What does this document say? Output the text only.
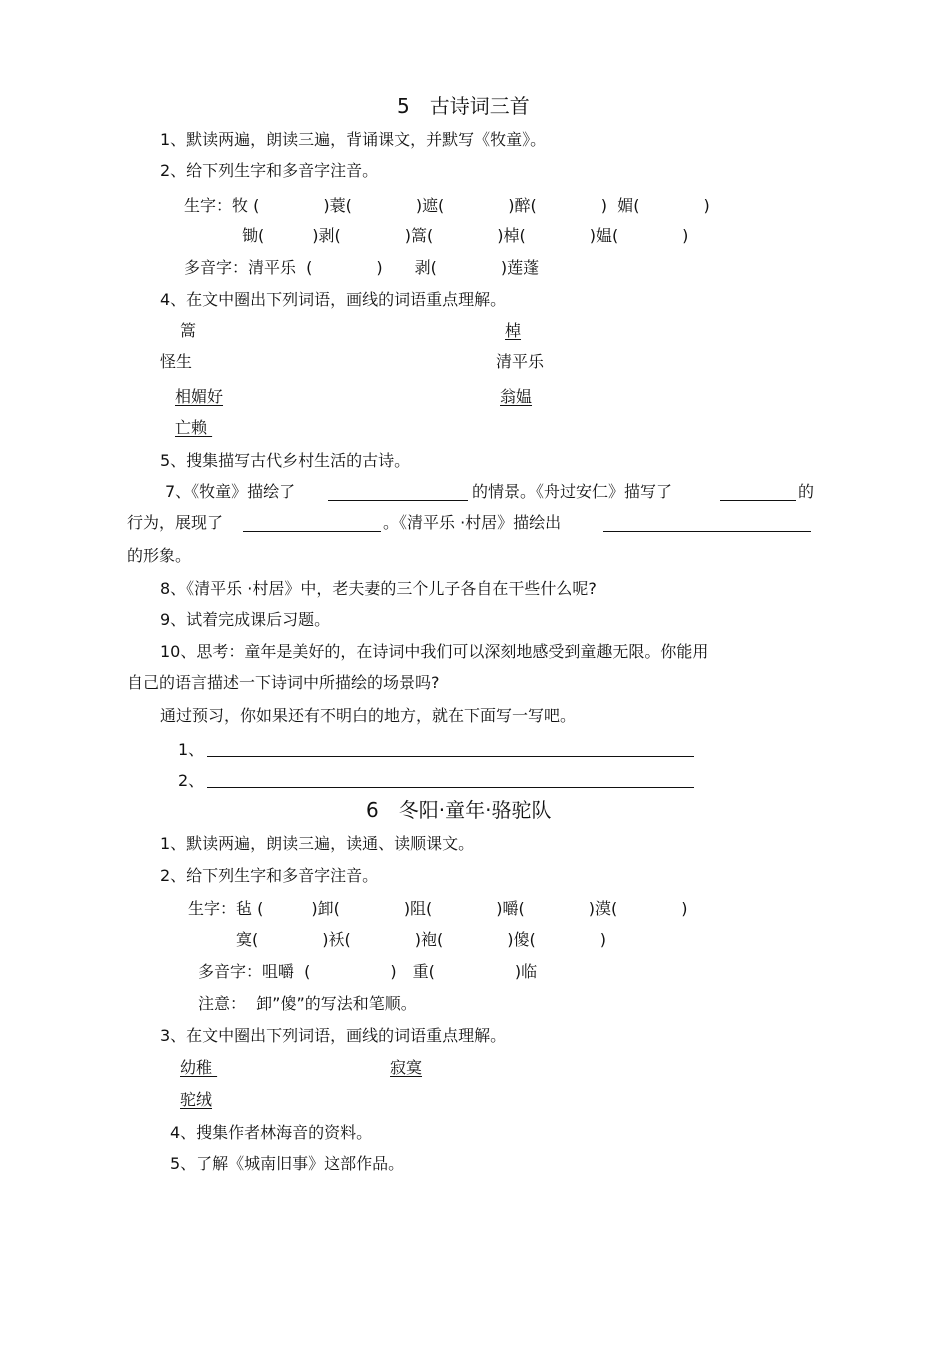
5　古诗词三首
1、默读两遍，朗读三遍，背诵课文，并默写《牧童》。
2、给下列生字和多音字注音。
生字：牧 (　　　　)蓑(　　　　)遮(　　　　)醉(　　　　)  媚(　　　　)
锄(　　　)剥(　　　　)篙(　　　　)棹(　　　　)媪(　　　　)
多音字：清平乐  (　　　　)　　剥(　　　　)莲蓬
4、在文中圈出下列词语，画线的词语重点理解。
篙	棹
怪生	清平乐
相媚好	翁媪
亡赖
5、搜集描写古代乡村生活的古诗。
7、《牧童》描绘了	的情景。《舟过安仁》描写了	的
行为，展现了	。《清平乐 ·村居》描绘出
的形象。
8、《清平乐 ·村居》中，老夫妻的三个儿子各自在干些什么呢?
9、试着完成课后习题。
10、思考：童年是美好的，在诗词中我们可以深刻地感受到童趣无限。你能用
自己的语言描述一下诗词中所描绘的场景吗?
通过预习，你如果还有不明白的地方，就在下面写一写吧。
1、
2、
6　冬阳·童年·骆驼队
1、默读两遍，朗读三遍，读通、读顺课文。
2、给下列生字和多音字注音。
生字：毡 (　　　)卸(　　　　)阻(　　　　)嚼(　　　　)漠(　　　　)
寞(　　　　)袄(　　　　)袍(　　　　)傻(　　　　)
多音字：咀嚼  (　　　　　)　重(　　　　　)临
注意：  卸”傻”的写法和笔顺。
3、在文中圈出下列词语，画线的词语重点理解。
幼稚	寂寞
驼绒
4、搜集作者林海音的资料。
5、了解《城南旧事》这部作品。
